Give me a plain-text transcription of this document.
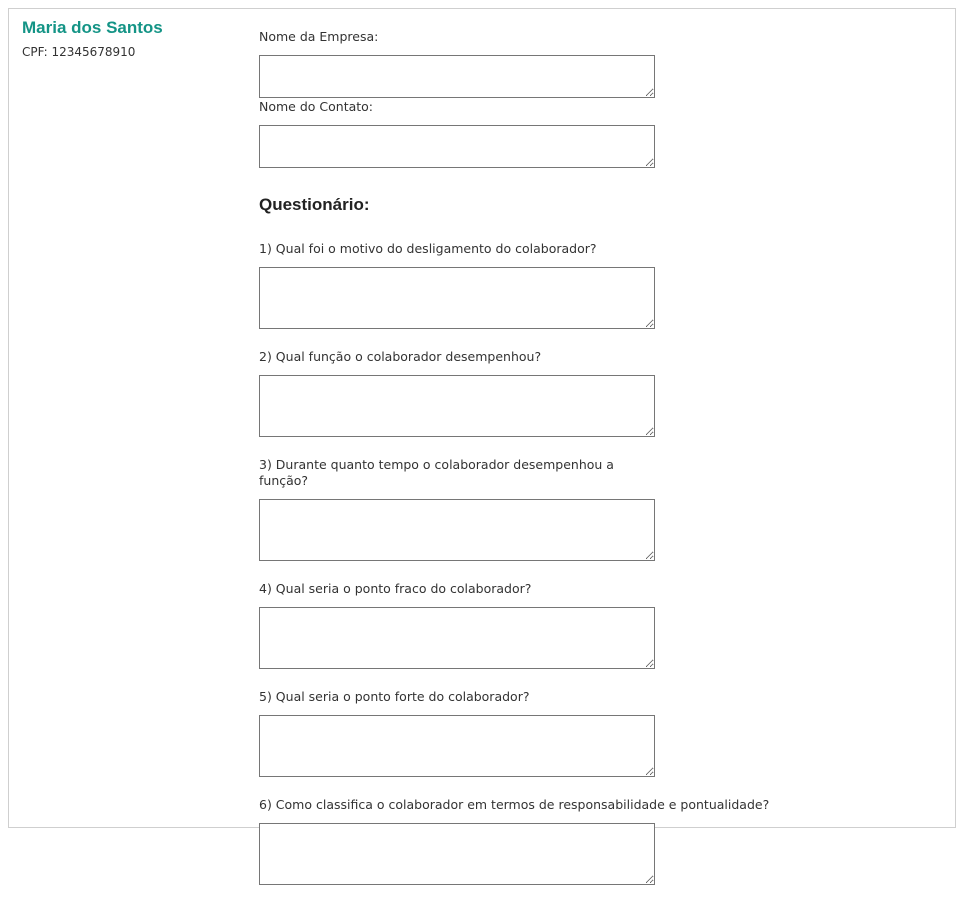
Maria dos Santos
CPF: 12345678910
Nome da Empresa:
Nome do Contato:
Questionário:
1) Qual foi o motivo do desligamento do colaborador?
2) Qual função o colaborador desempenhou?
3) Durante quanto tempo o colaborador desempenhou a função?
4) Qual seria o ponto fraco do colaborador?
5) Qual seria o ponto forte do colaborador?
6) Como classifica o colaborador em termos de responsabilidade e pontualidade?
